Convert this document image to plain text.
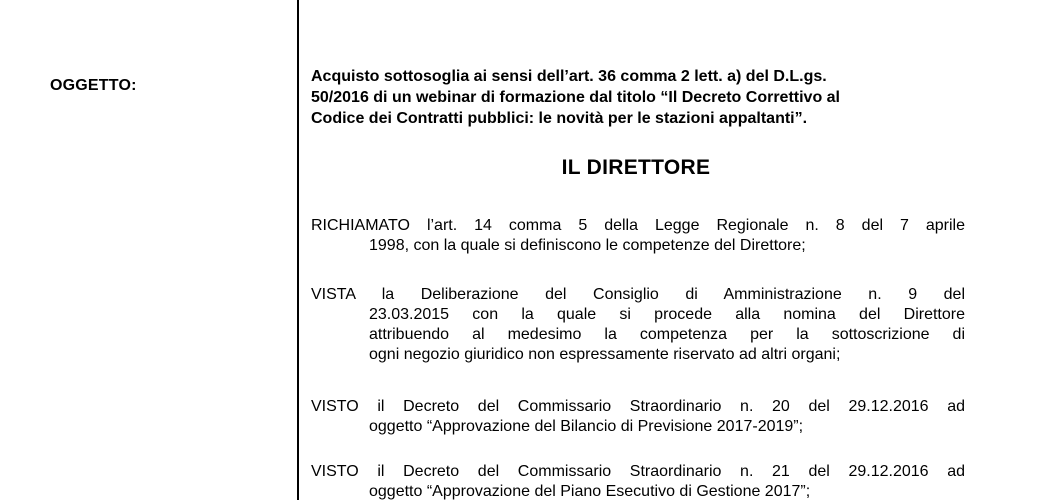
OGGETTO:
Acquisto sottosoglia ai sensi dell’art. 36 comma 2 lett. a) del D.L.gs.
50/2016 di un webinar di formazione dal titolo “Il Decreto Correttivo al
Codice dei Contratti pubblici: le novità per le stazioni appaltanti”.
IL DIRETTORE
RICHIAMATO l’art. 14 comma 5 della Legge Regionale n. 8 del 7 aprile
1998, con la quale si definiscono le competenze del Direttore;
VISTA la Deliberazione del Consiglio di Amministrazione n. 9 del
23.03.2015 con la quale si procede alla nomina del Direttore
attribuendo al medesimo la competenza per la sottoscrizione di
ogni negozio giuridico non espressamente riservato ad altri organi;
VISTO il Decreto del Commissario Straordinario n. 20 del 29.12.2016 ad
oggetto “Approvazione del Bilancio di Previsione 2017-2019”;
VISTO il Decreto del Commissario Straordinario n. 21 del 29.12.2016 ad
oggetto “Approvazione del Piano Esecutivo di Gestione 2017”;
